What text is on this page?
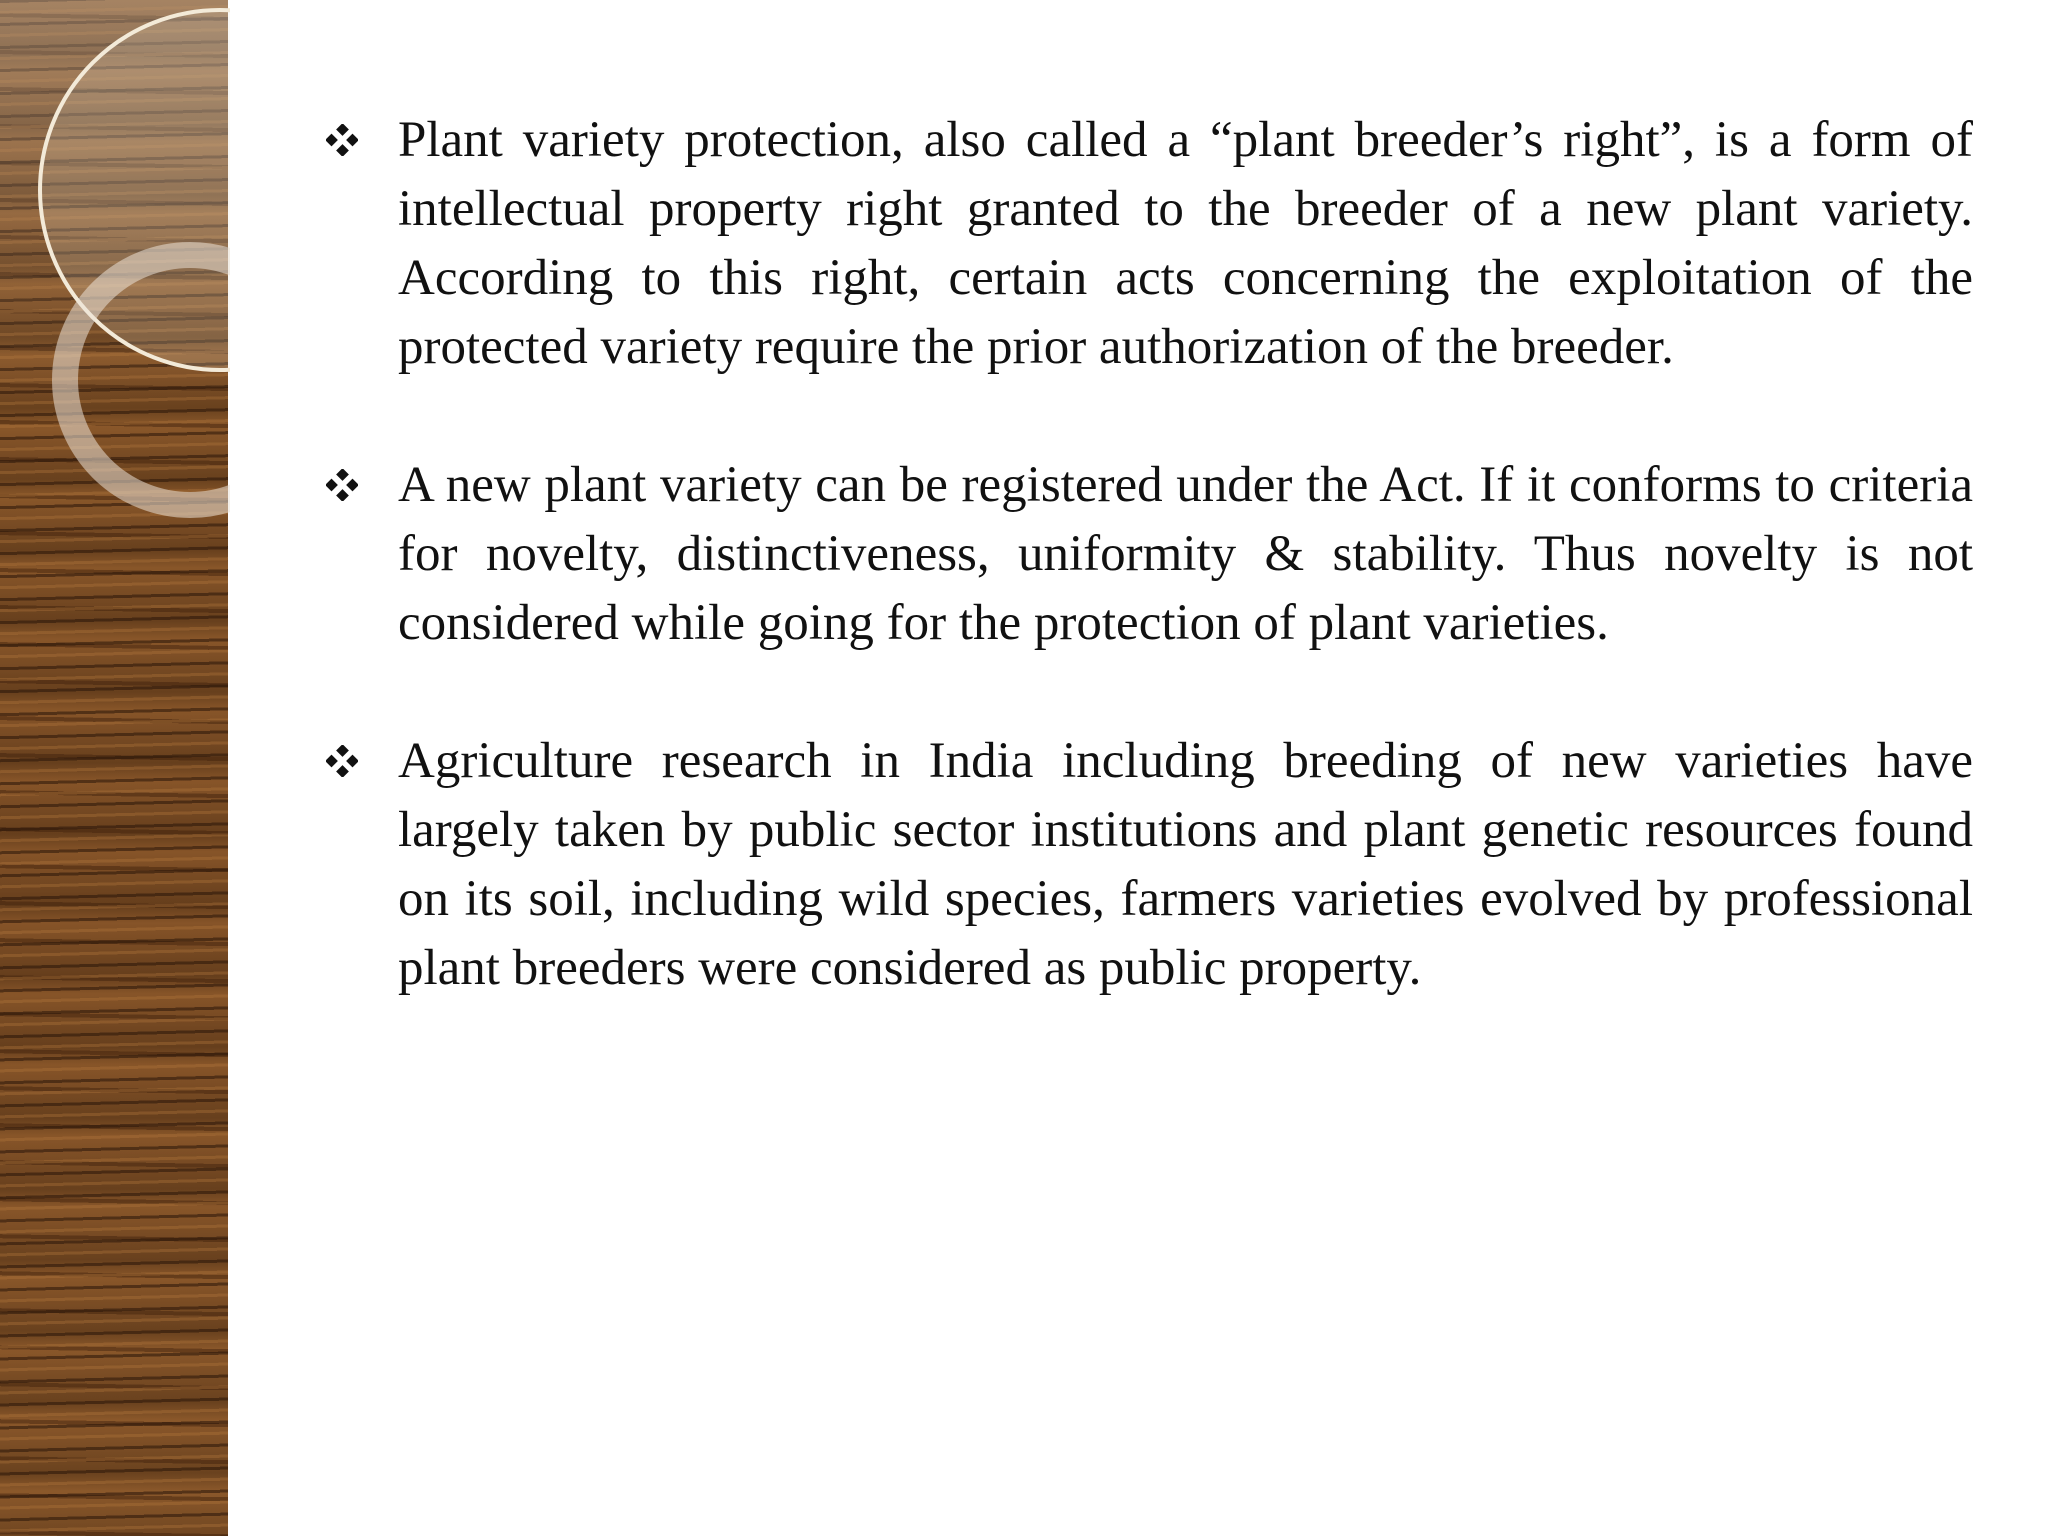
Plant variety protection, also called a “plant breeder’s right”, is a form of intellectual property right granted to the breeder of a new plant variety. According to this right, certain acts concerning the exploitation of the protected variety require the prior authorization of the breeder.
A new plant variety can be registered under the Act. If it conforms to criteria for novelty, distinctiveness, uniformity & stability. Thus novelty is not considered while going for the protection of plant varieties.
Agriculture research in India including breeding of new varieties have largely taken by public sector institutions and plant genetic resources found on its soil, including wild species, farmers varieties evolved by professional plant breeders were considered as public property.
